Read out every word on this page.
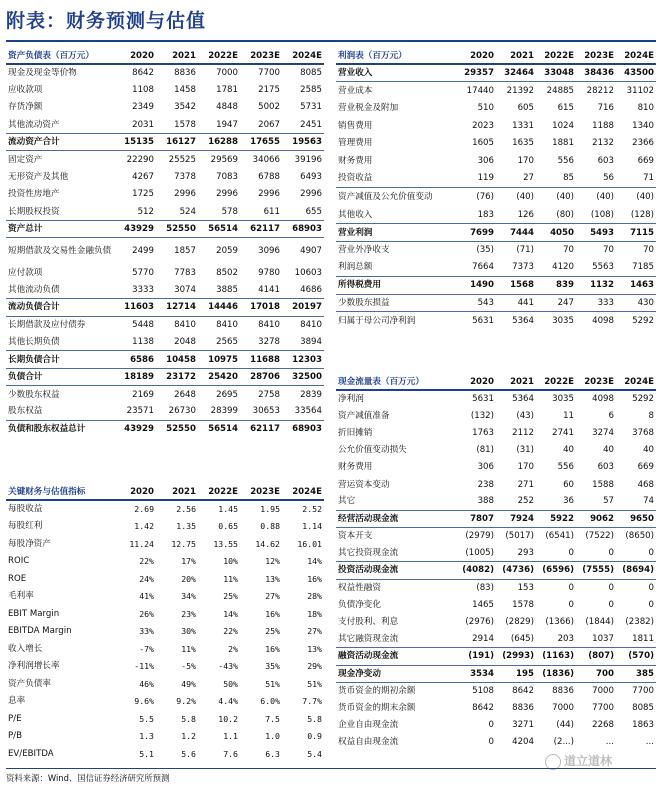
附表：财务预测与估值
资产负债表（百万元）	2020	2021	2022E	2023E	2024E
现金及现金等价物	8642	8836	7000	7700	8085
应收款项	1108	1458	1781	2175	2585
存货净额	2349	3542	4848	5002	5731
其他流动资产	2031	1578	1947	2067	2451
流动资产合计	15135	16127	16288	17655	19563
固定资产	22290	25525	29569	34066	39196
无形资产及其他	4267	7378	7083	6788	6493
投资性房地产	1725	2996	2996	2996	2996
长期股权投资	512	524	578	611	655
资产总计	43929	52550	56514	62117	68903
短期借款及交易性金融负债	2499	1857	2059	3096	4907
应付款项	5770	7783	8502	9780	10603
其他流动负债	3333	3074	3885	4141	4686
流动负债合计	11603	12714	14446	17018	20197
长期借款及应付债券	5448	8410	8410	8410	8410
其他长期负债	1138	2048	2565	3278	3894
长期负债合计	6586	10458	10975	11688	12303
负债合计	18189	23172	25420	28706	32500
少数股东权益	2169	2648	2695	2758	2839
股东权益	23571	26730	28399	30653	33564
负债和股东权益总计	43929	52550	56514	62117	68903
关键财务与估值指标	2020	2021	2022E	2023E	2024E
每股收益	2.69	2.56	1.45	1.95	2.52
每股红利	1.42	1.35	0.65	0.88	1.14
每股净资产	11.24	12.75	13.55	14.62	16.01
ROIC	22%	17%	10%	12%	14%
ROE	24%	20%	11%	13%	16%
毛利率	41%	34%	25%	27%	28%
EBIT Margin	26%	23%	14%	16%	18%
EBITDA Margin	33%	30%	22%	25%	27%
收入增长	-7%	11%	2%	16%	13%
净利润增长率	-11%	-5%	-43%	35%	29%
资产负债率	46%	49%	50%	51%	51%
息率	9.6%	9.2%	4.4%	6.0%	7.7%
P/E	5.5	5.8	10.2	7.5	5.8
P/B	1.3	1.2	1.1	1.0	0.9
EV/EBITDA	5.1	5.6	7.6	6.3	5.4
利润表（百万元）	2020	2021	2022E	2023E	2024E
营业收入	29357	32464	33048	38436	43500
营业成本	17440	21392	24885	28212	31102
营业税金及附加	510	605	615	716	810
销售费用	2023	1331	1024	1188	1340
管理费用	1605	1635	1881	2132	2366
财务费用	306	170	556	603	669
投资收益	119	27	85	56	71
资产减值及公允价值变动	(76)	(40)	(40)	(40)	(40)
其他收入	183	126	(80)	(108)	(128)
营业利润	7699	7444	4050	5493	7115
营业外净收支	(35)	(71)	70	70	70
利润总额	7664	7373	4120	5563	7185
所得税费用	1490	1568	839	1132	1463
少数股东损益	543	441	247	333	430
归属于母公司净利润	5631	5364	3035	4098	5292
现金流量表（百万元）	2020	2021	2022E	2023E	2024E
净利润	5631	5364	3035	4098	5292
资产减值准备	(132)	(43)	11	6	8
折旧摊销	1763	2112	2741	3274	3768
公允价值变动损失	(81)	(31)	40	40	40
财务费用	306	170	556	603	669
营运资本变动	238	271	60	1588	468
其它	388	252	36	57	74
经营活动现金流	7807	7924	5922	9062	9650
资本开支	(2979)	(5017)	(6541)	(7522)	(8650)
其它投资现金流	(1005)	293	0	0	0
投资活动现金流	(4082)	(4736)	(6596)	(7555)	(8694)
权益性融资	(83)	153	0	0	0
负债净变化	1465	1578	0	0	0
支付股利、利息	(2976)	(2829)	(1366)	(1844)	(2382)
其它融资现金流	2914	(645)	203	1037	1811
融资活动现金流	(191)	(2993)	(1163)	(807)	(570)
现金净变动	3534	195	(1836)	700	385
货币资金的期初余额	5108	8642	8836	7000	7700
货币资金的期末余额	8642	8836	7000	7700	8085
企业自由现金流	0	3271	(44)	2268	1863
权益自由现金流	0	4204	(2...)	...	...
道立道林
资料来源：Wind、国信证券经济研究所预测
